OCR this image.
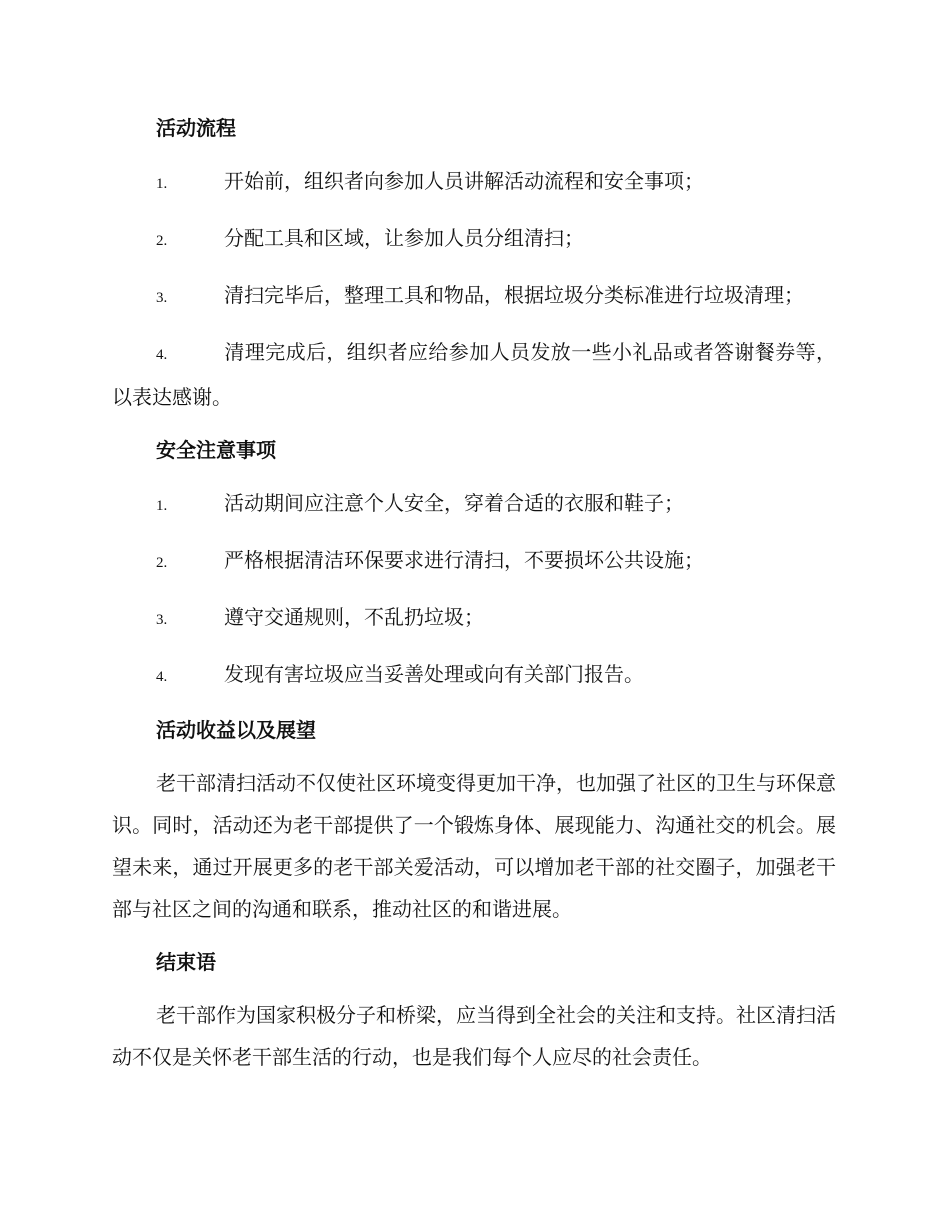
活动流程

1.	开始前，组织者向参加人员讲解活动流程和安全事项；

2.	分配工具和区域，让参加人员分组清扫；

3.	清扫完毕后，整理工具和物品，根据垃圾分类标准进行垃圾清理；

4.	清理完成后，组织者应给参加人员发放一些小礼品或者答谢餐券等，以表达感谢。

安全注意事项

1.	活动期间应注意个人安全，穿着合适的衣服和鞋子；

2.	严格根据清洁环保要求进行清扫，不要损坏公共设施；

3.	遵守交通规则，不乱扔垃圾；

4.	发现有害垃圾应当妥善处理或向有关部门报告。

活动收益以及展望

老干部清扫活动不仅使社区环境变得更加干净，也加强了社区的卫生与环保意识。同时，活动还为老干部提供了一个锻炼身体、展现能力、沟通社交的机会。展望未来，通过开展更多的老干部关爱活动，可以增加老干部的社交圈子，加强老干部与社区之间的沟通和联系，推动社区的和谐进展。

结束语

老干部作为国家积极分子和桥梁，应当得到全社会的关注和支持。社区清扫活动不仅是关怀老干部生活的行动，也是我们每个人应尽的社会责任。
